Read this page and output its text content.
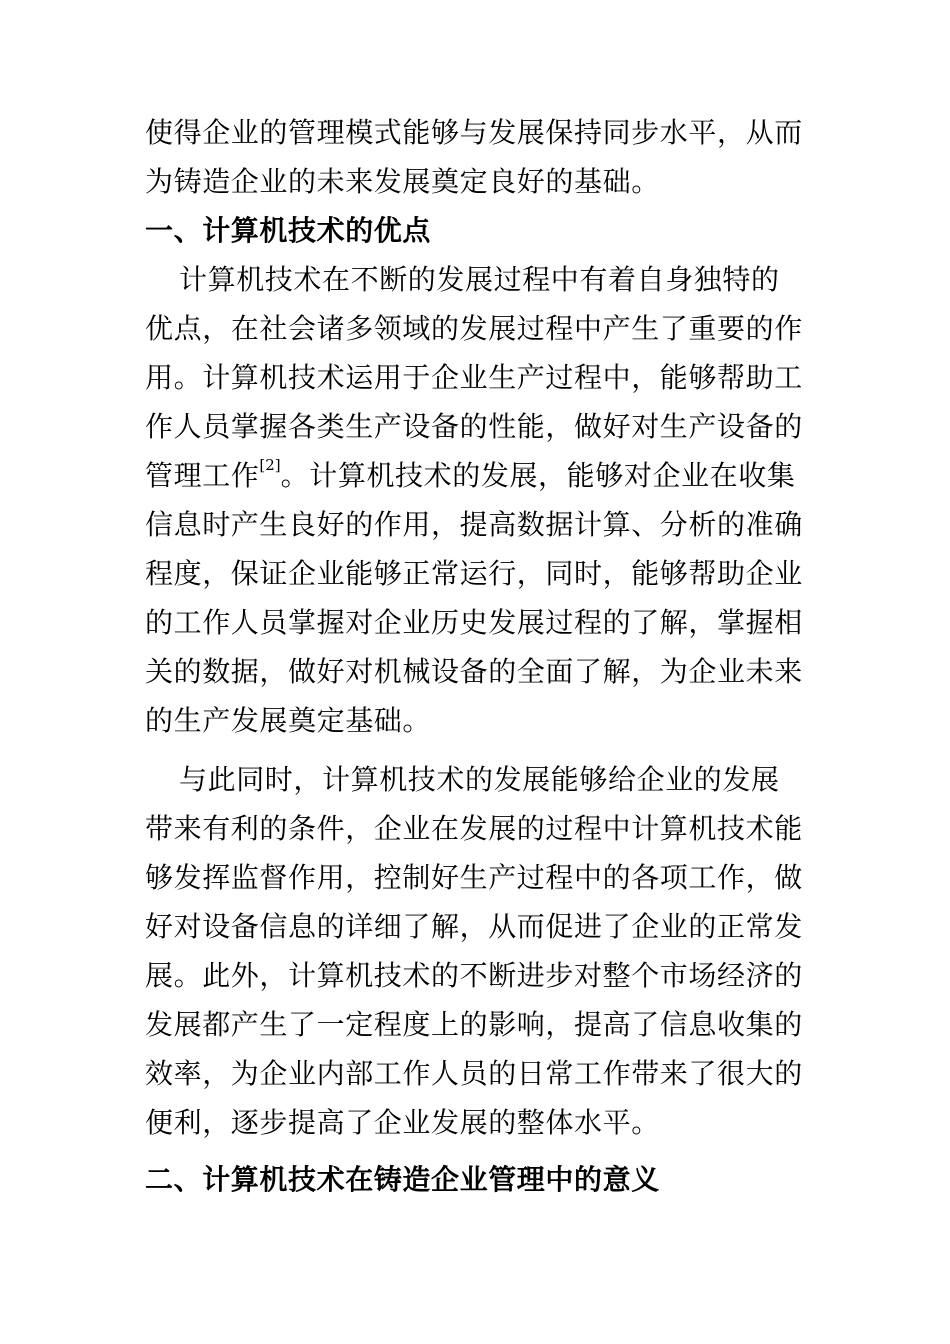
使得企业的管理模式能够与发展保持同步水平，从而
为铸造企业的未来发展奠定良好的基础。
一、计算机技术的优点
计算机技术在不断的发展过程中有着自身独特的
优点，在社会诸多领域的发展过程中产生了重要的作
用。计算机技术运用于企业生产过程中，能够帮助工
作人员掌握各类生产设备的性能，做好对生产设备的
管理工作[2]。计算机技术的发展，能够对企业在收集
信息时产生良好的作用，提高数据计算、分析的准确
程度，保证企业能够正常运行，同时，能够帮助企业
的工作人员掌握对企业历史发展过程的了解，掌握相
关的数据，做好对机械设备的全面了解，为企业未来
的生产发展奠定基础。
与此同时，计算机技术的发展能够给企业的发展
带来有利的条件，企业在发展的过程中计算机技术能
够发挥监督作用，控制好生产过程中的各项工作，做
好对设备信息的详细了解，从而促进了企业的正常发
展。此外，计算机技术的不断进步对整个市场经济的
发展都产生了一定程度上的影响，提高了信息收集的
效率，为企业内部工作人员的日常工作带来了很大的
便利，逐步提高了企业发展的整体水平。
二、计算机技术在铸造企业管理中的意义
